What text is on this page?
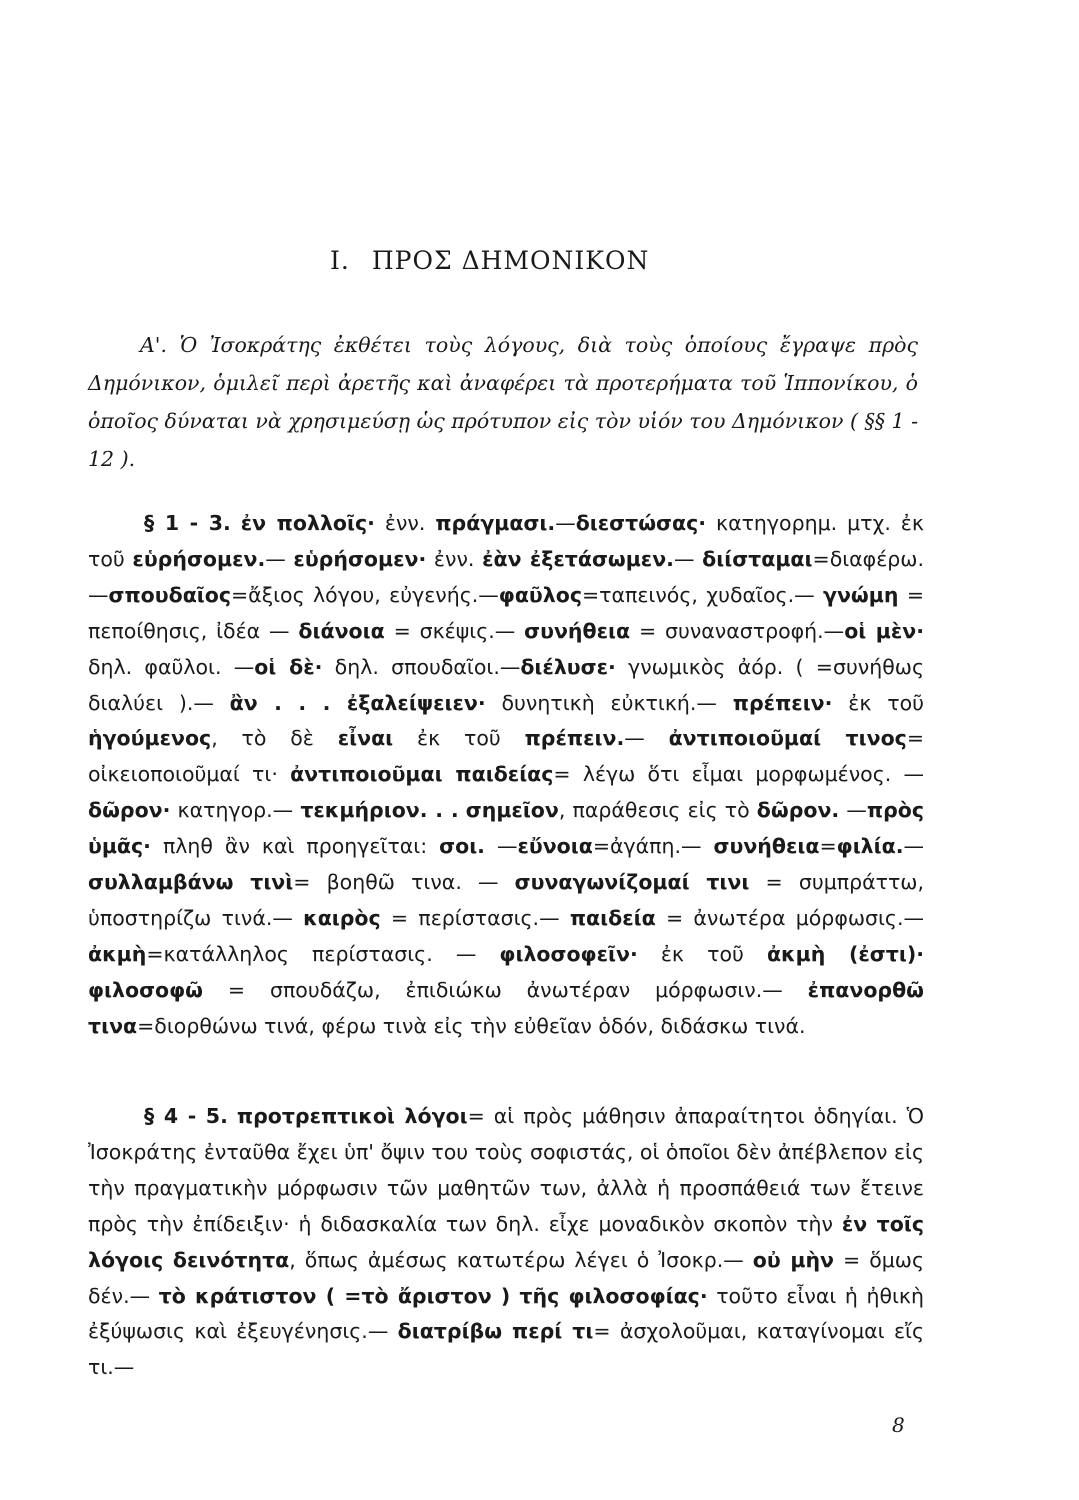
I. ΠΡΟΣ ΔΗΜΟΝΙΚΟΝ
Α'. Ὁ Ἰσοκράτης ἐκθέτει τοὺς λόγους, διὰ τοὺς ὁποίους ἔγραψε πρὸς Δημόνικον, ὁμιλεῖ περὶ ἀρετῆς καὶ ἀναφέρει τὰ προτερήματα τοῦ Ἱππονίκου, ὁ ὁποῖος δύναται νὰ χρησιμεύσῃ ὡς πρότυπον εἰς τὸν υἱόν του Δημόνικον ( §§ 1 - 12 ).
§ 1 - 3. ἐν πολλοῖς· ἐνν. πράγμασι.—διεστώσας· κατηγορημ. μτχ. ἐκ τοῦ εὑρήσομεν.— εὑρήσομεν· ἐνν. ἐὰν ἐξετάσωμεν.— διίσταμαι=διαφέρω.—σπουδαῖος=ἄξιος λόγου, εὐγενής.—φαῦλος=ταπεινός, χυδαῖος.— γνώμη = πεποίθησις, ἰδέα — διάνοια = σκέψις.— συνήθεια = συναναστροφή.—οἱ μὲν· δηλ. φαῦλοι. —οἱ δὲ· δηλ. σπουδαῖοι.—διέλυσε· γνωμικὸς ἀόρ. ( =συνήθως διαλύει ).— ἂν . . . ἐξαλείψειεν· δυνητικὴ εὐκτική.— πρέπειν· ἐκ τοῦ ἡγούμενος, τὸ δὲ εἶναι ἐκ τοῦ πρέπειν.— ἀντιποιοῦμαί τινος= οἰκειοποιοῦμαί τι· ἀντιποιοῦμαι παιδείας= λέγω ὅτι εἶμαι μορφωμένος. — δῶρον· κατηγορ.— τεκμήριον. . . σημεῖον, παράθεσις εἰς τὸ δῶρον. —πρὸς ὑμᾶς· πληθ ἂν καὶ προηγεῖται: σοι. —εὔνοια=ἀγάπη.— συνήθεια=φιλία.—συλλαμβάνω τινὶ= βοηθῶ τινα. — συναγωνίζομαί τινι = συμπράττω, ὑποστηρίζω τινά.— καιρὸς = περίστασις.— παιδεία = ἀνωτέρα μόρφωσις.— ἀκμὴ=κατάλληλος περίστασις. — φιλοσοφεῖν· ἐκ τοῦ ἀκμὴ (ἐστι)· φιλοσοφῶ = σπουδάζω, ἐπιδιώκω ἀνωτέραν μόρφωσιν.— ἐπανορθῶ τινα=διορθώνω τινά, φέρω τινὰ εἰς τὴν εὐθεῖαν ὁδόν, διδάσκω τινά.
§ 4 - 5. προτρεπτικοὶ λόγοι= αἱ πρὸς μάθησιν ἀπαραίτητοι ὁδηγίαι. Ὁ Ἰσοκράτης ἐνταῦθα ἔχει ὑπ' ὄψιν του τοὺς σοφιστάς, οἱ ὁποῖοι δὲν ἀπέβλεπον εἰς τὴν πραγματικὴν μόρφωσιν τῶν μαθητῶν των, ἀλλὰ ἡ προσπάθειά των ἔτεινε πρὸς τὴν ἐπίδειξιν· ἡ διδασκαλία των δηλ. εἶχε μοναδικὸν σκοπὸν τὴν ἐν τοῖς λόγοις δεινότητα, ὅπως ἀμέσως κατωτέρω λέγει ὁ Ἰσοκρ.— οὐ μὴν = ὅμως δέν.— τὸ κράτιστον ( =τὸ ἄριστον ) τῆς φιλοσοφίας· τοῦτο εἶναι ἡ ἠθικὴ ἐξύψωσις καὶ ἐξευγένησις.— διατρίβω περί τι= ἀσχολοῦμαι, καταγίνομαι εἴς τι.—
8
